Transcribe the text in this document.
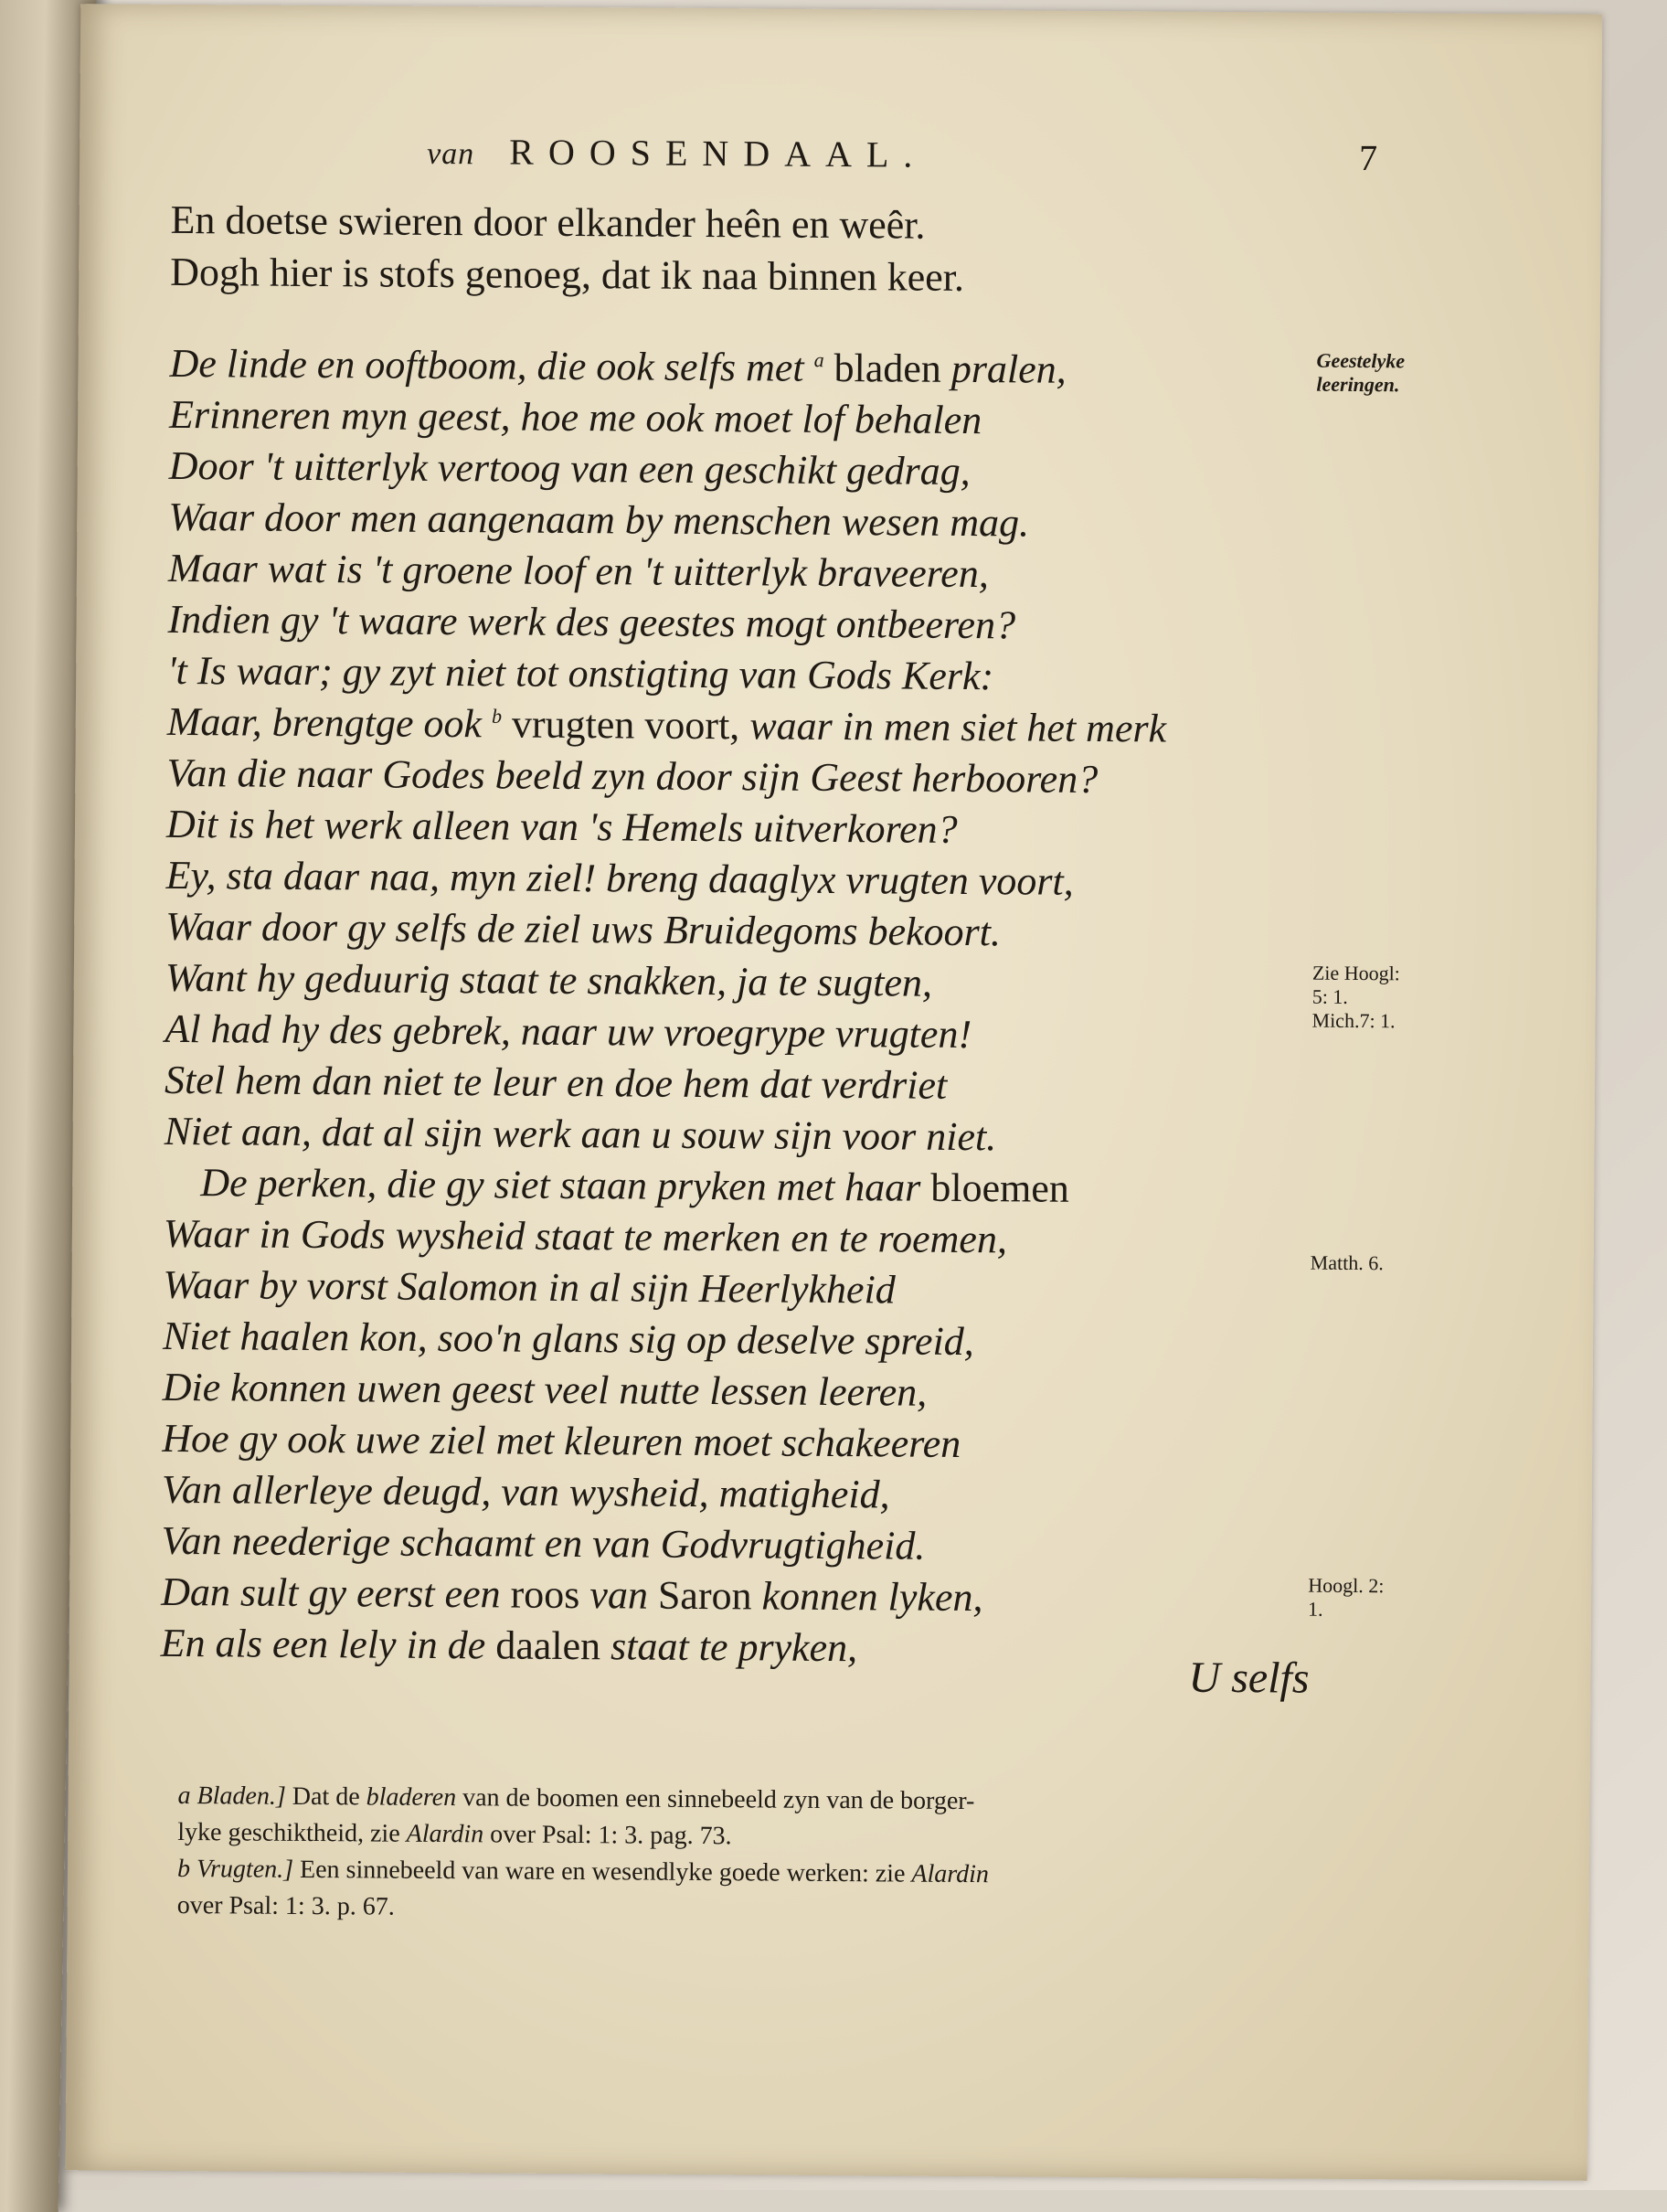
van ROOSENDAAL.	7
En doetse swieren door elkander heên en weêr.
Dogh hier is stofs genoeg, dat ik naa binnen keer.
De linde en ooftboom, die ook selfs met $^a$ bladen pralen,
Erinneren myn geest, hoe me ook moet lof behalen
Door 't uitterlyk vertoog van een geschikt gedrag,
Waar door men aangenaam by menschen wesen mag.
Maar wat is 't groene loof en 't uitterlyk braveeren,
Indien gy 't waare werk des geestes mogt ontbeeren?
't Is waar; gy zyt niet tot onstigting van Gods Kerk:
Maar, brengtge ook $^b$ vrugten voort, waar in men siet het merk
Van die naar Godes beeld zyn door sijn Geest herbooren?
Dit is het werk alleen van 's Hemels uitverkoren?
Ey, sta daar naa, myn ziel! breng daaglyx vrugten voort,
Waar door gy selfs de ziel uws Bruidegoms bekoort.
Want hy geduurig staat te snakken, ja te sugten,
Al had hy des gebrek, naar uw vroegrype vrugten!
Stel hem dan niet te leur en doe hem dat verdriet
Niet aan, dat al sijn werk aan u souw sijn voor niet.
De perken, die gy siet staan pryken met haar bloemen
Waar in Gods wysheid staat te merken en te roemen,
Waar by vorst Salomon in al sijn Heerlykheid
Niet haalen kon, soo'n glans sig op deselve spreid,
Die konnen uwen geest veel nutte lessen leeren,
Hoe gy ook uwe ziel met kleuren moet schakeeren
Van allerleye deugd, van wysheid, matigheid,
Van neederige schaamt en van Godvrugtigheid.
Dan sult gy eerst een roos van Saron konnen lyken,
En als een lely in de daalen staat te pryken,
Geestelyke
leeringen.
Zie Hoogl:
5: 1.
Mich.7: 1.
Matth. 6.
Hoogl. 2:
1.
U selfs
a Bladen.] Dat de bladeren van de boomen een sinnebeeld zyn van de borger-
lyke geschiktheid, zie Alardin over Psal: 1: 3. pag. 73.
b Vrugten.] Een sinnebeeld van ware en wesendlyke goede werken: zie Alardin
over Psal: 1: 3. p. 67.
